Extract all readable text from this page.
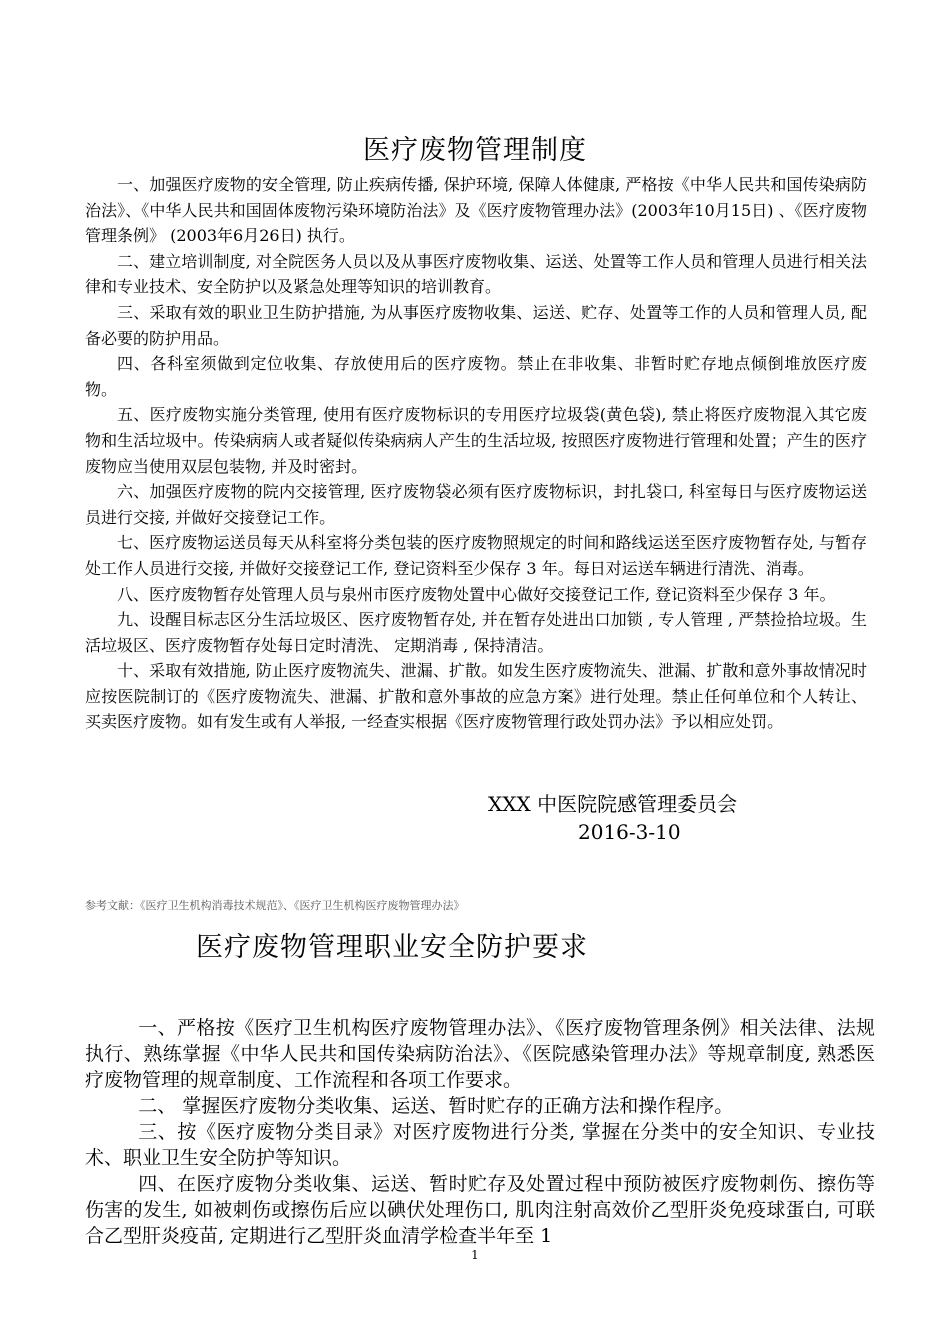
医疗废物管理制度

一、加强医疗废物的安全管理, 防止疾病传播, 保护环境, 保障人体健康, 严格按《中华人民共和国传染病防治法》、《中华人民共和国固体废物污染环境防治法》及《医疗废物管理办法》(2003年10月15日) 、《医疗废物管理条例》 (2003年6月26日) 执行。

二、建立培训制度, 对全院医务人员以及从事医疗废物收集、运送、处置等工作人员和管理人员进行相关法律和专业技术、安全防护以及紧急处理等知识的培训教育。

三、采取有效的职业卫生防护措施, 为从事医疗废物收集、运送、贮存、处置等工作的人员和管理人员, 配备必要的防护用品。

四、各科室须做到定位收集、存放使用后的医疗废物。禁止在非收集、非暂时贮存地点倾倒堆放医疗废物。

五、医疗废物实施分类管理, 使用有医疗废物标识的专用医疗垃圾袋(黄色袋), 禁止将医疗废物混入其它废物和生活垃圾中。传染病病人或者疑似传染病病人产生的生活垃圾, 按照医疗废物进行管理和处置；产生的医疗废物应当使用双层包装物, 并及时密封。

六、加强医疗废物的院内交接管理, 医疗废物袋必须有医疗废物标识，封扎袋口, 科室每日与医疗废物运送员进行交接, 并做好交接登记工作。

七、医疗废物运送员每天从科室将分类包装的医疗废物照规定的时间和路线运送至医疗废物暂存处, 与暂存处工作人员进行交接, 并做好交接登记工作, 登记资料至少保存 3 年。每日对运送车辆进行清洗、消毒。

八、医疗废物暂存处管理人员与泉州市医疗废物处置中心做好交接登记工作, 登记资料至少保存 3 年。

九、设醒目标志区分生活垃圾区、医疗废物暂存处, 并在暂存处进出口加锁 , 专人管理 , 严禁捡拾垃圾。生活垃圾区、医疗废物暂存处每日定时清洗、 定期消毒 , 保持清洁。

十、采取有效措施, 防止医疗废物流失、泄漏、扩散。如发生医疗废物流失、泄漏、扩散和意外事故情况时应按医院制订的《医疗废物流失、泄漏、扩散和意外事故的应急方案》进行处理。禁止任何单位和个人转让、买卖医疗废物。如有发生或有人举报, 一经查实根据《医疗废物管理行政处罚办法》予以相应处罚。

XXX 中医院院感管理委员会
2016-3-10
参考文献：《医疗卫生机构消毒技术规范》、《医疗卫生机构医疗废物管理办法》
医疗废物管理职业安全防护要求

一、严格按《医疗卫生机构医疗废物管理办法》、《医疗废物管理条例》相关法律、法规执行、熟练掌握《中华人民共和国传染病防治法》、《医院感染管理办法》等规章制度, 熟悉医疗废物管理的规章制度、工作流程和各项工作要求。

二、 掌握医疗废物分类收集、运送、暂时贮存的正确方法和操作程序。

三、按《医疗废物分类目录》对医疗废物进行分类, 掌握在分类中的安全知识、专业技术、职业卫生安全防护等知识。

四、在医疗废物分类收集、运送、暂时贮存及处置过程中预防被医疗废物刺伤、擦伤等伤害的发生, 如被刺伤或擦伤后应以碘伏处理伤口, 肌肉注射高效价乙型肝炎免疫球蛋白, 可联合乙型肝炎疫苗, 定期进行乙型肝炎血清学检查半年至 1

1
